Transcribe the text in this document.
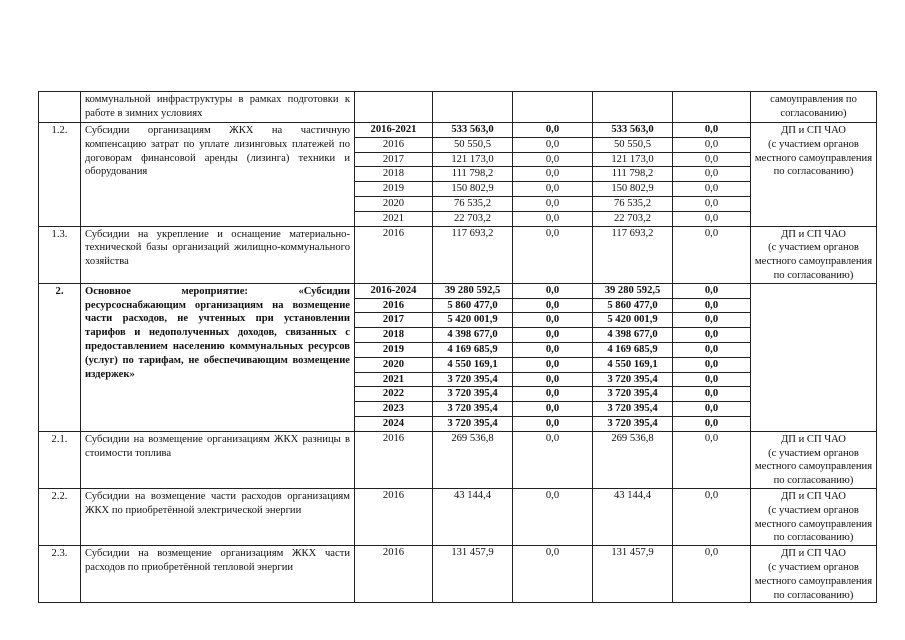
	коммунальной инфраструктуры в рамках подготовки к работе в зимних условиях						самоуправления по согласованию)
1.2.	Субсидии организациям ЖКХ на частичную компенсацию затрат по уплате лизинговых платежей по договорам финансовой аренды (лизинга) техники и оборудования	2016-2021	533 563,0	0,0	533 563,0	0,0	ДП и СП ЧАО
(с участием органов местного самоуправления по согласованию)

		2016	50 550,5	0,0	50 550,5	0,0	
		2017	121 173,0	0,0	121 173,0	0,0	
		2018	111 798,2	0,0	111 798,2	0,0	
		2019	150 802,9	0,0	150 802,9	0,0	
		2020	76 535,2	0,0	76 535,2	0,0	
		2021	22 703,2	0,0	22 703,2	0,0	
1.3.	Субсидии на укрепление и оснащение материально-технической базы организаций жилищно-коммунального хозяйства	2016	117 693,2	0,0	117 693,2	0,0	ДП и СП ЧАО
(с участием органов местного самоуправления по согласованию)

2.	Основное мероприятие: «Субсидии ресурсоснабжающим организациям на возмещение части расходов, не учтенных при установлении тарифов и недополученных доходов, связанных с предоставлением населению коммунальных ресурсов (услуг) по тарифам, не обеспечивающим возмещение издержек»	2016-2024	39 280 592,5	0,0	39 280 592,5	0,0	
		2016	5 860 477,0	0,0	5 860 477,0	0,0	
		2017	5 420 001,9	0,0	5 420 001,9	0,0	
		2018	4 398 677,0	0,0	4 398 677,0	0,0	
		2019	4 169 685,9	0,0	4 169 685,9	0,0	
		2020	4 550 169,1	0,0	4 550 169,1	0,0	
		2021	3 720 395,4	0,0	3 720 395,4	0,0	
		2022	3 720 395,4	0,0	3 720 395,4	0,0	
		2023	3 720 395,4	0,0	3 720 395,4	0,0	
		2024	3 720 395,4	0,0	3 720 395,4	0,0	
2.1.	Субсидии на возмещение организациям ЖКХ разницы в стоимости топлива	2016	269 536,8	0,0	269 536,8	0,0	ДП и СП ЧАО
(с участием органов местного самоуправления по согласованию)

2.2.	Субсидии на возмещение части расходов организациям ЖКХ по приобретённой электрической энергии	2016	43 144,4	0,0	43 144,4	0,0	ДП и СП ЧАО
(с участием органов местного самоуправления по согласованию)

2.3.	Субсидии на возмещение организациям ЖКХ части расходов по приобретённой тепловой энергии	2016	131 457,9	0,0	131 457,9	0,0	ДП и СП ЧАО
(с участием органов местного самоуправления по согласованию)
